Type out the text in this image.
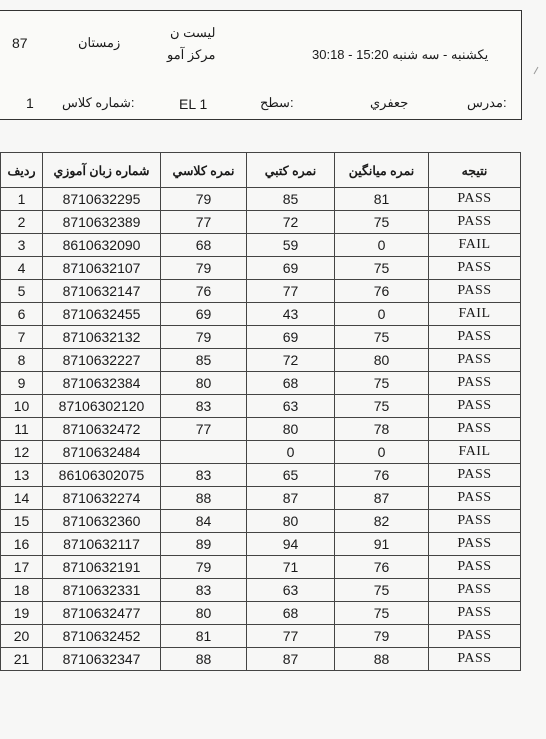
87	زمستان
ليست ن
مركز آمو	يكشنبه - سه شنبه 15:20 - 30:18
1 شماره كلاس:	EL 1	سطح:	جعفري	مدرس:
رديف	شماره زبان آموزي	نمره كلاسي	نمره كتبي	نمره ميانگين	نتيجه
1	8710632295	79	85	81	PASS
2	8710632389	77	72	75	PASS
3	8610632090	68	59	0	FAIL
4	8710632107	79	69	75	PASS
5	8710632147	76	77	76	PASS
6	8710632455	69	43	0	FAIL
7	8710632132	79	69	75	PASS
8	8710632227	85	72	80	PASS
9	8710632384	80	68	75	PASS
10	87106302120	83	63	75	PASS
11	8710632472	77	80	78	PASS
12	8710632484		0	0	FAIL
13	86106302075	83	65	76	PASS
14	8710632274	88	87	87	PASS
15	8710632360	84	80	82	PASS
16	8710632117	89	94	91	PASS
17	8710632191	79	71	76	PASS
18	8710632331	83	63	75	PASS
19	8710632477	80	68	75	PASS
20	8710632452	81	77	79	PASS
21	8710632347	88	87	88	PASS
